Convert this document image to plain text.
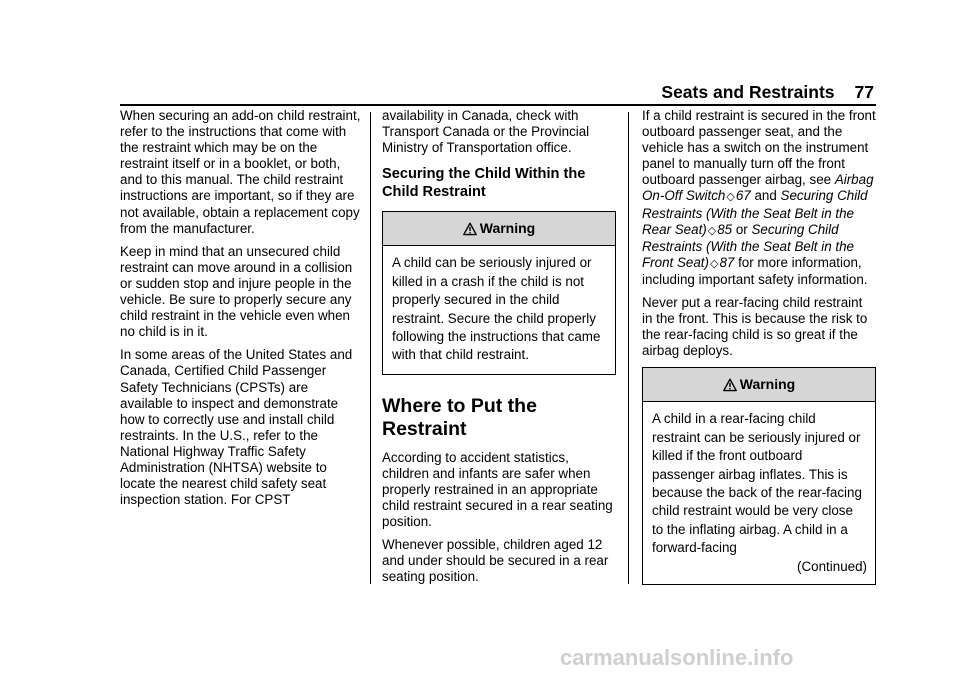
Seats and Restraints 77

When securing an add-on child restraint, refer to the instructions that come with the restraint which may be on the restraint itself or in a booklet, or both, and to this manual. The child restraint instructions are important, so if they are not available, obtain a replacement copy from the manufacturer.

Keep in mind that an unsecured child restraint can move around in a collision or sudden stop and injure people in the vehicle. Be sure to properly secure any child restraint in the vehicle even when no child is in it.

In some areas of the United States and Canada, Certified Child Passenger Safety Technicians (CPSTs) are available to inspect and demonstrate how to correctly use and install child restraints. In the U.S., refer to the National Highway Traffic Safety Administration (NHTSA) website to locate the nearest child safety seat inspection station. For CPST

availability in Canada, check with Transport Canada or the Provincial Ministry of Transportation office.

Securing the Child Within the Child Restraint
Warning
A child can be seriously injured or killed in a crash if the child is not properly secured in the child restraint. Secure the child properly following the instructions that came with that child restraint.
Where to Put the Restraint

According to accident statistics, children and infants are safer when properly restrained in an appropriate child restraint secured in a rear seating position.

Whenever possible, children aged 12 and under should be secured in a rear seating position.

If a child restraint is secured in the front outboard passenger seat, and the vehicle has a switch on the instrument panel to manually turn off the front outboard passenger airbag, see Airbag On-Off Switch◇67 and Securing Child Restraints (With the Seat Belt in the Rear Seat)◇85 or Securing Child Restraints (With the Seat Belt in the Front Seat)◇87 for more information, including important safety information.

Never put a rear-facing child restraint in the front. This is because the risk to the rear-facing child is so great if the airbag deploys.

Warning
A child in a rear-facing child restraint can be seriously injured or killed if the front outboard passenger airbag inflates. This is because the back of the rear-facing child restraint would be very close to the inflating airbag. A child in a forward-facing
(Continued)
carmanualsonline.info
